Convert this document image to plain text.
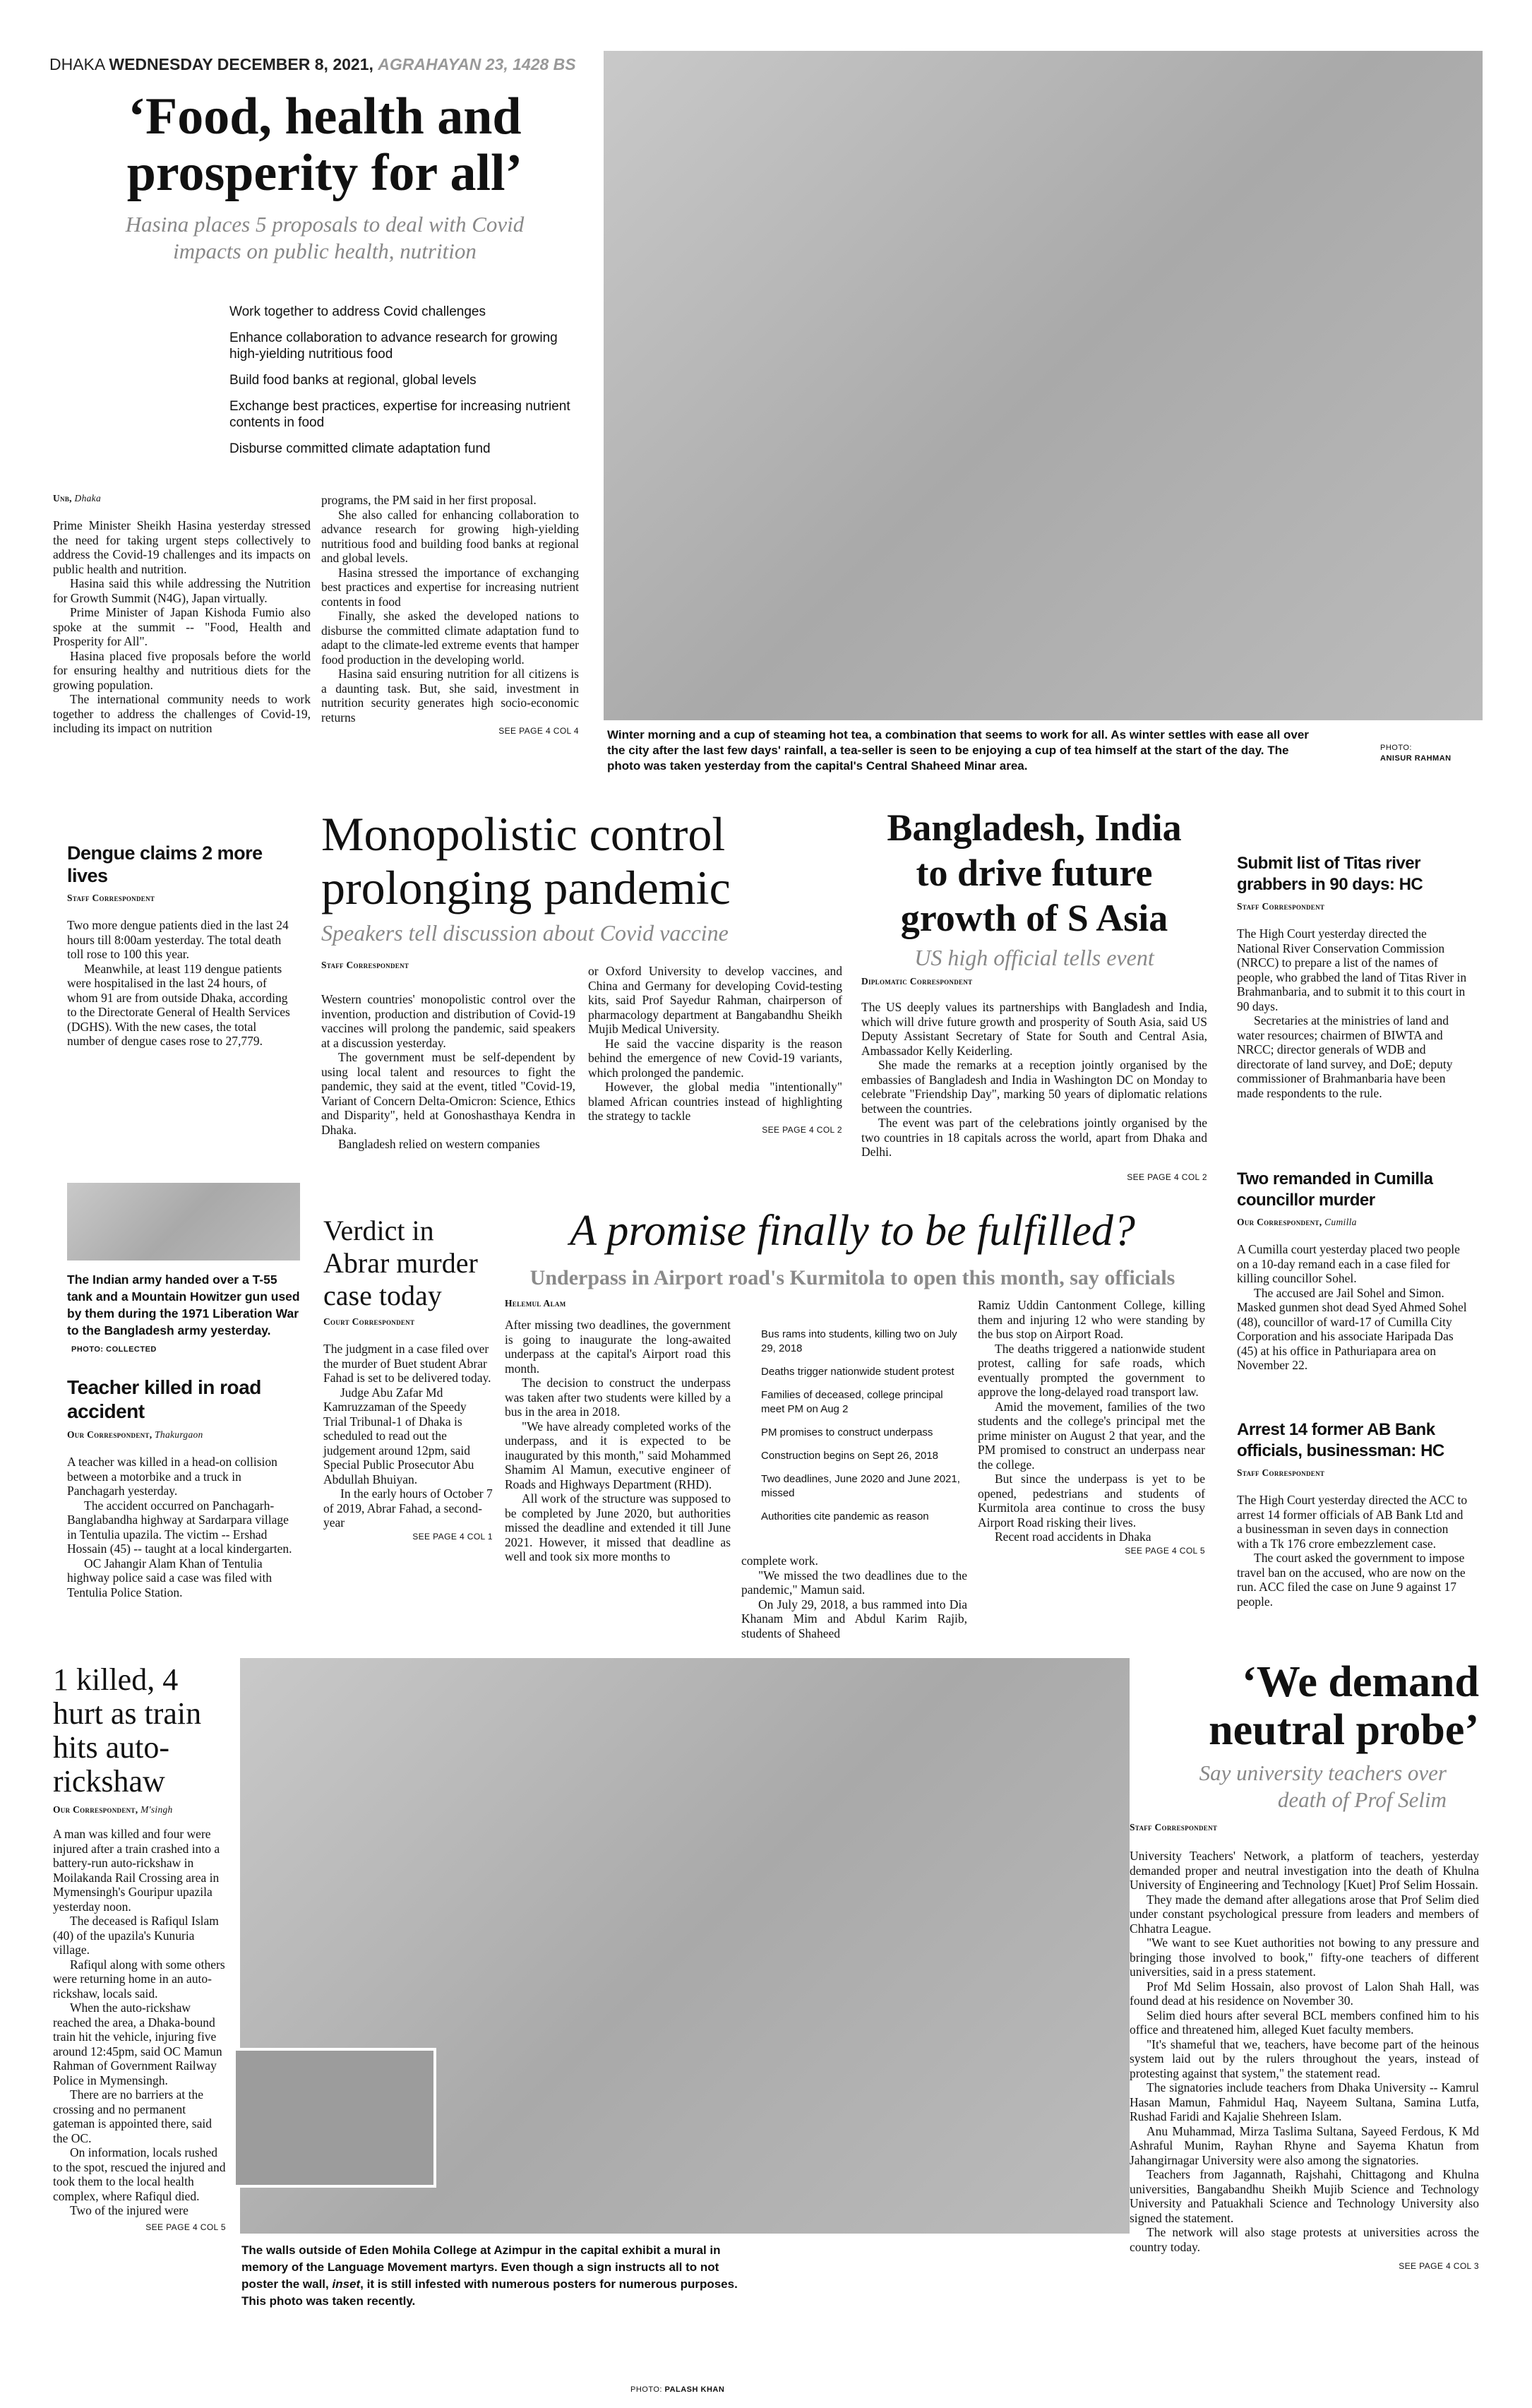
DHAKA WEDNESDAY DECEMBER 8, 2021, AGRAHAYAN 23, 1428 BS
‘Food, health and
prosperity for all’
Hasina places 5 proposals to deal with Covid
impacts on public health, nutrition
Work together to address Covid challenges
Enhance collaboration to advance research for growing high-yielding nutritious food
Build food banks at regional, global levels
Exchange best practices, expertise for increasing nutrient contents in food
Disburse committed climate adaptation fund
Unb, Dhaka

Prime Minister Sheikh Hasina yesterday stressed the need for taking urgent steps collectively to address the Covid-19 challenges and its impacts on public health and nutrition.

Hasina said this while addressing the Nutrition for Growth Summit (N4G), Japan virtually.

Prime Minister of Japan Kishoda Fumio also spoke at the summit -- "Food, Health and Prosperity for All".

Hasina placed five proposals before the world for ensuring healthy and nutritious diets for the growing population.

The international community needs to work together to address the challenges of Covid-19, including its impact on nutrition

programs, the PM said in her first proposal.

She also called for enhancing collaboration to advance research for growing high-yielding nutritious food and building food banks at regional and global levels.

Hasina stressed the importance of exchanging best practices and expertise for increasing nutrient contents in food

Finally, she asked the developed nations to disburse the committed climate adaptation fund to adapt to the climate-led extreme events that hamper food production in the developing world.

Hasina said ensuring nutrition for all citizens is a daunting task. But, she said, investment in nutrition security generates high socio-economic returns

SEE PAGE 4 COL 4 Winter morning and a cup of steaming hot tea, a combination that seems to work for all. As winter settles with ease all over the city after the last few days' rainfall, a tea-seller is seen to be enjoying a cup of tea himself at the start of the day. The photo was taken yesterday from the capital's Central Shaheed Minar area.
PHOTO:
ANISUR RAHMAN
Dengue claims 2 more lives
Staff Correspondent

Two more dengue patients died in the last 24 hours till 8:00am yesterday. The total death toll rose to 100 this year.

Meanwhile, at least 119 dengue patients were hospitalised in the last 24 hours, of whom 91 are from outside Dhaka, according to the Directorate General of Health Services (DGHS). With the new cases, the total number of dengue cases rose to 27,779.

Monopolistic control
prolonging pandemic
Speakers tell discussion about Covid vaccine
Staff Correspondent

Western countries' monopolistic control over the invention, production and distribution of Covid-19 vaccines will prolong the pandemic, said speakers at a discussion yesterday.

The government must be self-dependent by using local talent and resources to fight the pandemic, they said at the event, titled "Covid-19, Variant of Concern Delta-Omicron: Science, Ethics and Disparity", held at Gonoshasthaya Kendra in Dhaka.

Bangladesh relied on western companies

or Oxford University to develop vaccines, and China and Germany for developing Covid-testing kits, said Prof Sayedur Rahman, chairperson of pharmacology department at Bangabandhu Sheikh Mujib Medical University.

He said the vaccine disparity is the reason behind the emergence of new Covid-19 variants, which prolonged the pandemic.

However, the global media "intentionally" blamed African countries instead of highlighting the strategy to tackle

SEE PAGE 4 COL 2
Bangladesh, India
to drive future
growth of S Asia
US high official tells event
Diplomatic Correspondent

The US deeply values its partnerships with Bangladesh and India, which will drive future growth and prosperity of South Asia, said US Deputy Assistant Secretary of State for South and Central Asia, Ambassador Kelly Keiderling.

She made the remarks at a reception jointly organised by the embassies of Bangladesh and India in Washington DC on Monday to celebrate "Friendship Day", marking 50 years of diplomatic relations between the countries.

The event was part of the celebrations jointly organised by the two countries in 18 capitals across the world, apart from Dhaka and Delhi.

SEE PAGE 4 COL 2
Submit list of Titas river grabbers in 90 days: HC
Staff Correspondent

The High Court yesterday directed the National River Conservation Commission (NRCC) to prepare a list of the names of people, who grabbed the land of Titas River in Brahmanbaria, and to submit it to this court in 90 days.

Secretaries at the ministries of land and water resources; chairmen of BIWTA and NRCC; director generals of WDB and directorate of land survey, and DoE; deputy commissioner of Brahmanbaria have been made respondents to the rule.

Two remanded in Cumilla councillor murder
Our Correspondent, Cumilla

A Cumilla court yesterday placed two people on a 10-day remand each in a case filed for killing councillor Sohel.

The accused are Jail Sohel and Simon. Masked gunmen shot dead Syed Ahmed Sohel (48), councillor of ward-17 of Cumilla City Corporation and his associate Haripada Das (45) at his office in Pathuriapara area on November 22.

Arrest 14 former AB Bank officials, businessman: HC
Staff Correspondent

The High Court yesterday directed the ACC to arrest 14 former officials of AB Bank Ltd and a businessman in seven days in connection with a Tk 176 crore embezzlement case.

The court asked the government to impose travel ban on the accused, who are now on the run. ACC filed the case on June 9 against 17 people.

The Indian army handed over a T-55 tank and a Mountain Howitzer gun used by them during the 1971 Liberation War to the Bangladesh army yesterday. PHOTO: COLLECTED
Teacher killed in road accident
Our Correspondent, Thakurgaon

A teacher was killed in a head-on collision between a motorbike and a truck in Panchagarh yesterday.

The accident occurred on Panchagarh-Banglabandha highway at Sardarpara village in Tentulia upazila. The victim -- Ershad Hossain (45) -- taught at a local kindergarten.

OC Jahangir Alam Khan of Tentulia highway police said a case was filed with Tentulia Police Station.

Verdict in
Abrar murder
case today
Court Correspondent

The judgment in a case filed over the murder of Buet student Abrar Fahad is set to be delivered today.

Judge Abu Zafar Md Kamruzzaman of the Speedy Trial Tribunal-1 of Dhaka is scheduled to read out the judgement around 12pm, said Special Public Prosecutor Abu Abdullah Bhuiyan.

In the early hours of October 7 of 2019, Abrar Fahad, a second-year

SEE PAGE 4 COL 1
A promise finally to be fulfilled?
Underpass in Airport road's Kurmitola to open this month, say officials
Helemul Alam

After missing two deadlines, the government is going to inaugurate the long-awaited underpass at the capital's Airport road this month.

The decision to construct the underpass was taken after two students were killed by a bus in the area in 2018.

"We have already completed works of the underpass, and it is expected to be inaugurated by this month," said Mohammed Shamim Al Mamun, executive engineer of Roads and Highways Department (RHD).

All work of the structure was supposed to be completed by June 2020, but authorities missed the deadline and extended it till June 2021. However, it missed that deadline as well and took six more months to

Bus rams into students, killing two on July 29, 2018
Deaths trigger nationwide student protest
Families of deceased, college principal meet PM on Aug 2
PM promises to construct underpass
Construction begins on Sept 26, 2018
Two deadlines, June 2020 and June 2021, missed
Authorities cite pandemic as reason

complete work.

"We missed the two deadlines due to the pandemic," Mamun said.

On July 29, 2018, a bus rammed into Dia Khanam Mim and Abdul Karim Rajib, students of Shaheed

Ramiz Uddin Cantonment College, killing them and injuring 12 who were standing by the bus stop on Airport Road.

The deaths triggered a nationwide student protest, calling for safe roads, which eventually prompted the government to approve the long-delayed road transport law.

Amid the movement, families of the two students and the college's principal met the prime minister on August 2 that year, and the PM promised to construct an underpass near the college.

But since the underpass is yet to be opened, pedestrians and students of Kurmitola area continue to cross the busy Airport Road risking their lives.

Recent road accidents in Dhaka

SEE PAGE 4 COL 5
1 killed, 4
hurt as train
hits auto-
rickshaw
Our Correspondent, M'singh

A man was killed and four were injured after a train crashed into a battery-run auto-rickshaw in Moilakanda Rail Crossing area in Mymensingh's Gouripur upazila yesterday noon.

The deceased is Rafiqul Islam (40) of the upazila's Kunuria village.

Rafiqul along with some others were returning home in an auto-rickshaw, locals said.

When the auto-rickshaw reached the area, a Dhaka-bound train hit the vehicle, injuring five around 12:45pm, said OC Mamun Rahman of Government Railway Police in Mymensingh.

There are no barriers at the crossing and no permanent gateman is appointed there, said the OC.

On information, locals rushed to the spot, rescued the injured and took them to the local health complex, where Rafiqul died.

Two of the injured were

SEE PAGE 4 COL 5
The walls outside of Eden Mohila College at Azimpur in the capital exhibit a mural in memory of the Language Movement martyrs. Even though a sign instructs all to not poster the wall, inset, it is still infested with numerous posters for numerous purposes. This photo was taken recently.
PHOTO: PALASH KHAN
‘We demand
neutral probe’
Say university teachers over
death of Prof Selim
Staff Correspondent

University Teachers' Network, a platform of teachers, yesterday demanded proper and neutral investigation into the death of Khulna University of Engineering and Technology [Kuet] Prof Selim Hossain.

They made the demand after allegations arose that Prof Selim died under constant psychological pressure from leaders and members of Chhatra League.

"We want to see Kuet authorities not bowing to any pressure and bringing those involved to book," fifty-one teachers of different universities, said in a press statement.

Prof Md Selim Hossain, also provost of Lalon Shah Hall, was found dead at his residence on November 30.

Selim died hours after several BCL members confined him to his office and threatened him, alleged Kuet faculty members.

"It's shameful that we, teachers, have become part of the heinous system laid out by the rulers throughout the years, instead of protesting against that system," the statement read.

The signatories include teachers from Dhaka University -- Kamrul Hasan Mamun, Fahmidul Haq, Nayeem Sultana, Samina Lutfa, Rushad Faridi and Kajalie Shehreen Islam.

Anu Muhammad, Mirza Taslima Sultana, Sayeed Ferdous, K Md Ashraful Munim, Rayhan Rhyne and Sayema Khatun from Jahangirnagar University were also among the signatories.

Teachers from Jagannath, Rajshahi, Chittagong and Khulna universities, Bangabandhu Sheikh Mujib Science and Technology University and Patuakhali Science and Technology University also signed the statement.

The network will also stage protests at universities across the country today.

SEE PAGE 4 COL 3
